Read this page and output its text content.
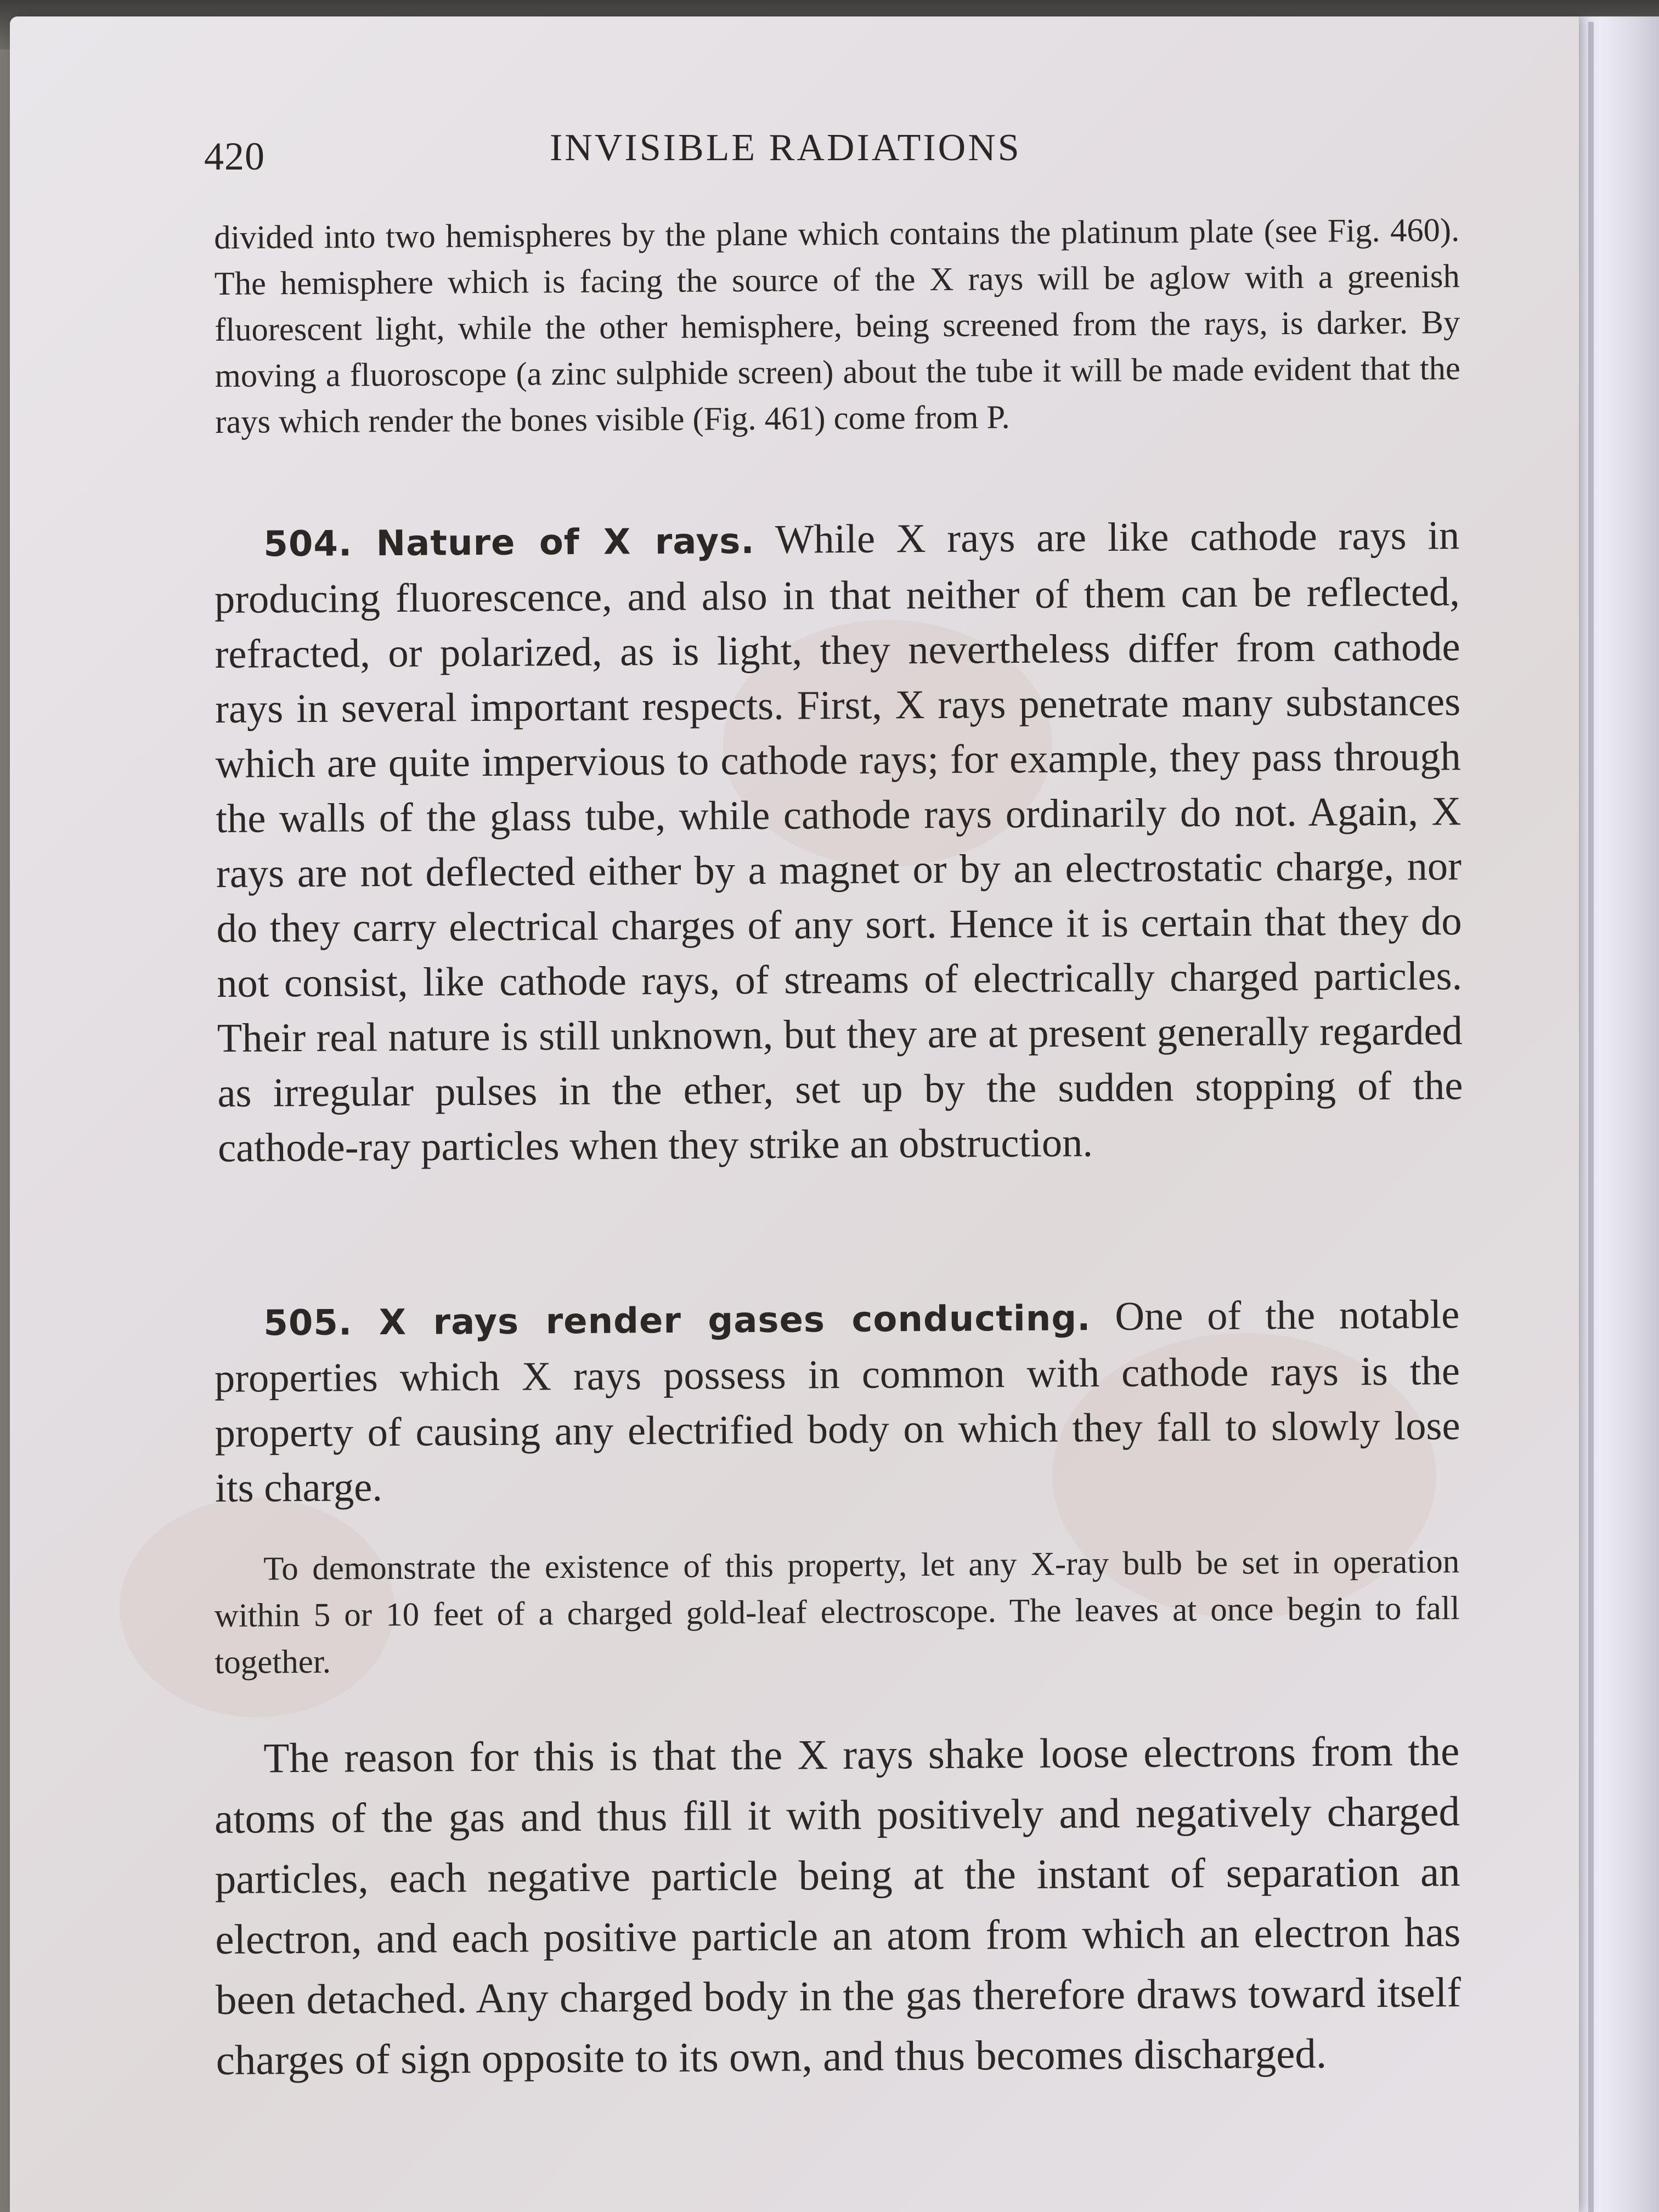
420	INVISIBLE RADIATIONS

divided into two hemispheres by the plane which contains the platinum plate (see Fig. 460). The hemisphere which is facing the source of the X rays will be aglow with a greenish fluorescent light, while the other hemisphere, being screened from the rays, is darker. By moving a fluoroscope (a zinc sulphide screen) about the tube it will be made evident that the rays which render the bones visible (Fig. 461) come from P.

504. Nature of X rays. While X rays are like cathode rays in producing fluorescence, and also in that neither of them can be reflected, refracted, or polarized, as is light, they nevertheless differ from cathode rays in several important respects. First, X rays penetrate many substances which are quite impervious to cathode rays; for example, they pass through the walls of the glass tube, while cathode rays ordinarily do not. Again, X rays are not deflected either by a magnet or by an electrostatic charge, nor do they carry electrical charges of any sort. Hence it is certain that they do not consist, like cathode rays, of streams of electrically charged particles. Their real nature is still unknown, but they are at present generally regarded as irregular pulses in the ether, set up by the sudden stopping of the cathode-ray particles when they strike an obstruction.

505. X rays render gases conducting. One of the notable properties which X rays possess in common with cathode rays is the property of causing any electrified body on which they fall to slowly lose its charge.

To demonstrate the existence of this property, let any X-ray bulb be set in operation within 5 or 10 feet of a charged gold-leaf electroscope. The leaves at once begin to fall together.

The reason for this is that the X rays shake loose electrons from the atoms of the gas and thus fill it with positively and negatively charged particles, each negative particle being at the instant of separation an electron, and each positive particle an atom from which an electron has been detached. Any charged body in the gas therefore draws toward itself charges of sign opposite to its own, and thus becomes discharged.
